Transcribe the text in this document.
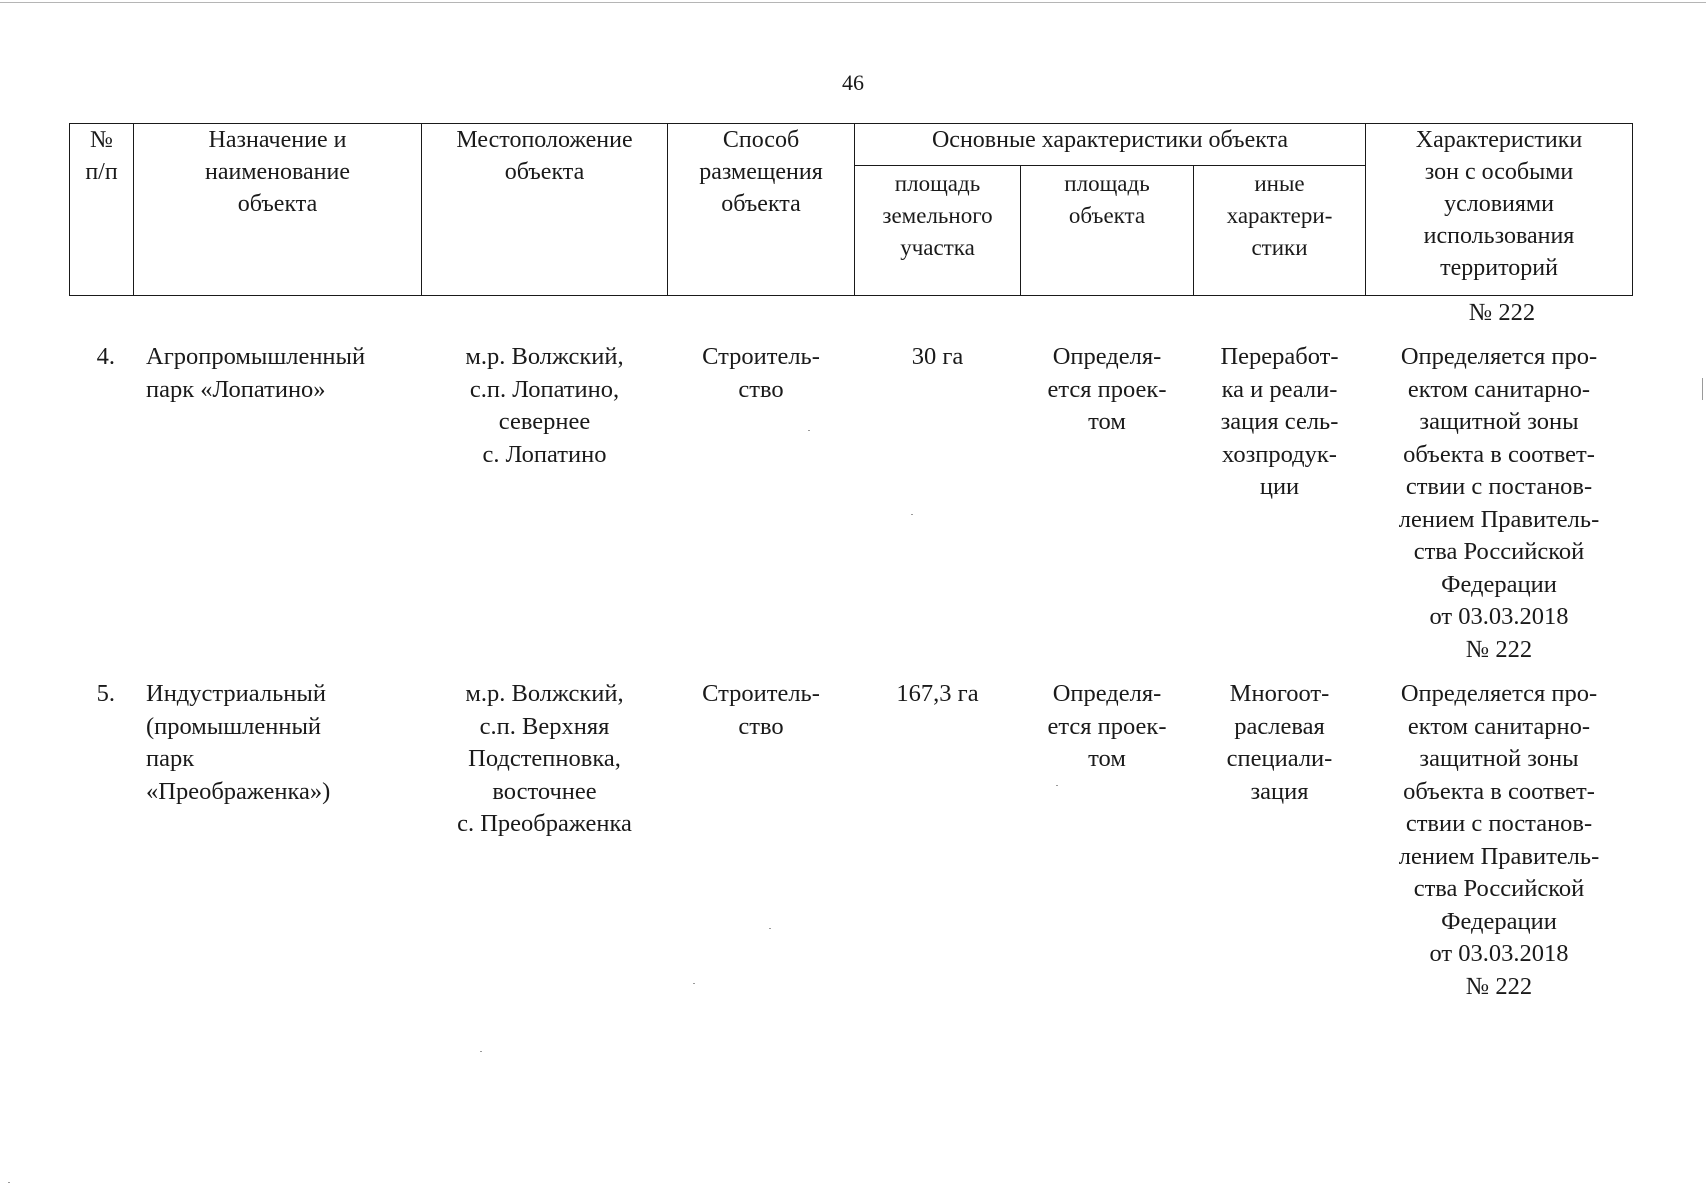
46
№
п/п
Назначение и
наименование
объекта
Местоположение
объекта
Способ
размещения
объекта
Основные характеристики объекта
площадь
земельного
участка
площадь
объекта
иные
характери-
стики
Характеристики
зон с особыми
условиями
использования
территорий
№ 222
4. Агропромышленный
парк «Лопатино»
м.р. Волжский,
с.п. Лопатино,
севернее
с. Лопатино
Строитель-
ство
30 га	Определя-
ется проек-
том
Переработ-
ка и реали-
зация сель-
хозпродук-
ции
Определяется про-
ектом санитарно-
защитной зоны
объекта в соответ-
ствии с постанов-
лением Правитель-
ства Российской
Федерации
от 03.03.2018
№ 222
5. Индустриальный
(промышленный
парк
«Преображенка»)
м.р. Волжский,
с.п. Верхняя
Подстепновка,
восточнее
с. Преображенка
Строитель-
ство
167,3 га	Определя-
ется проек-
том
Многоот-
раслевая
специали-
зация
Определяется про-
ектом санитарно-
защитной зоны
объекта в соответ-
ствии с постанов-
лением Правитель-
ства Российской
Федерации
от 03.03.2018
№ 222
